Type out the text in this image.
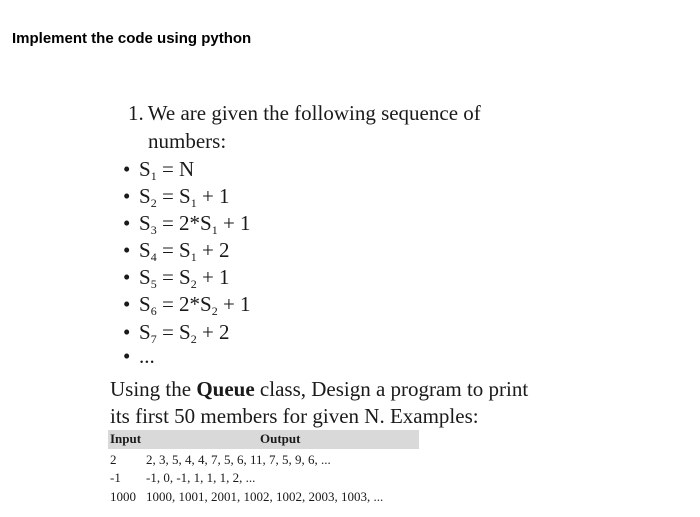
Implement the code using python
1. We are given the following sequence of
numbers:
• $S_1 = N$
• $S_2 = S_1 + 1$
• $S_3 = 2*S_1 + 1$
• $S_4 = S_1 + 2$
• $S_5 = S_2 + 1$
• $S_6 = 2*S_2 + 1$
• $S_7 = S_2 + 2$
• ...
Using the Queue class, Design a program to print
its first 50 members for given N. Examples:
Input	Output
2 2, 3, 5, 4, 4, 7, 5, 6, 11, 7, 5, 9, 6, ...
-1 -1, 0, -1, 1, 1, 1, 2, ...
1000 1000, 1001, 2001, 1002, 1002, 2003, 1003, ...
